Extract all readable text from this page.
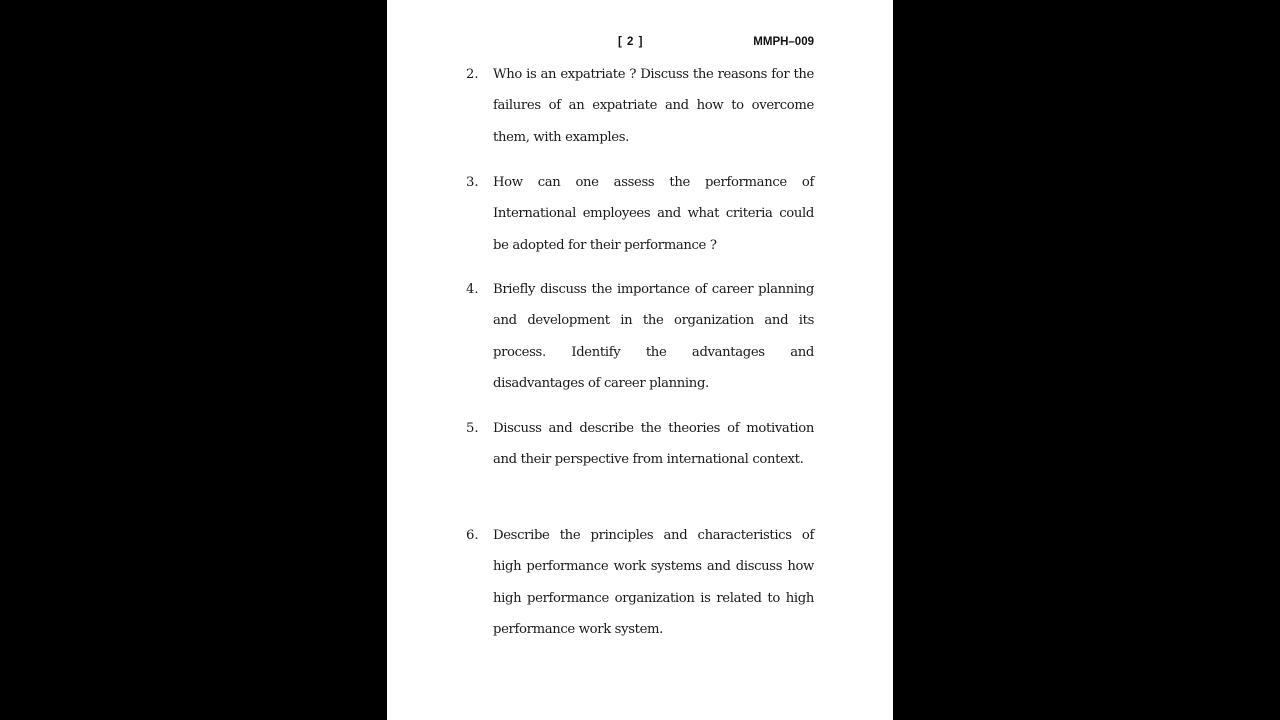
[ 2 ]	MMPH–009
2.	Who is an expatriate ? Discuss the reasons for the failures of an expatriate and how to overcome them, with examples.
3.	How can one assess the performance of International employees and what criteria could be adopted for their performance ?
4.	Briefly discuss the importance of career planning and development in the organization and its process. Identify the advantages and disadvantages of career planning.
5.	Discuss and describe the theories of motivation and their perspective from international context.
6.	Describe the principles and characteristics of high performance work systems and discuss how high performance organization is related to high performance work system.
